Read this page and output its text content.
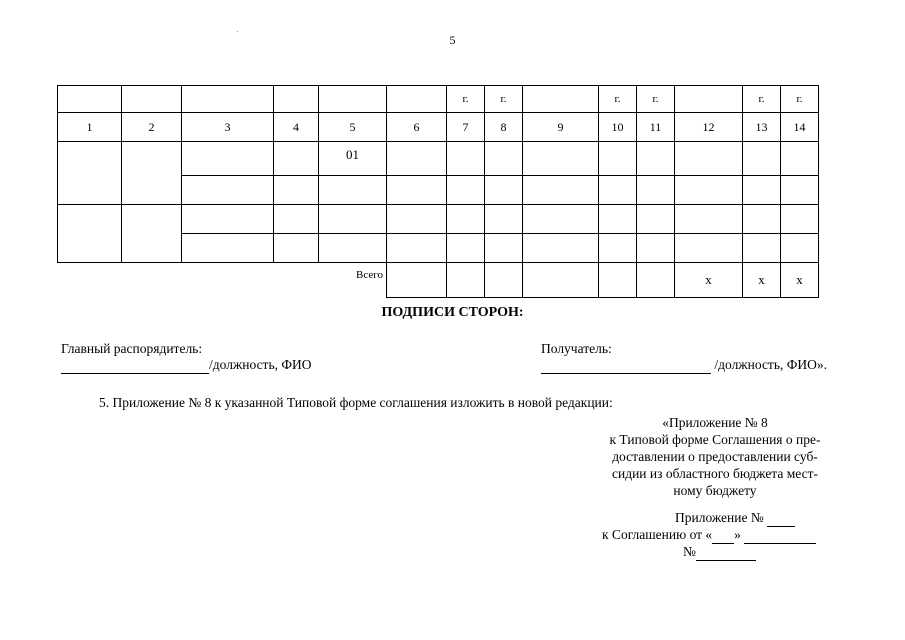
5
						г.	г.		г.	г.		г.	г.
1	2	3	4	5	6	7	8	9	10	11	12	13	14
				01									

Всего											x	x	x
ПОДПИСИ СТОРОН:
Главный распорядитель:
/должность, ФИО
Получатель:
/должность, ФИО».
5. Приложение № 8 к указанной Типовой форме соглашения изложить в новой редакции:
«Приложение № 8
к Типовой форме Соглашения о пре-
доставлении о предоставлении суб-
сидии из областного бюджета мест-
ному бюджету
Приложение №
к Соглашению от « »
№
